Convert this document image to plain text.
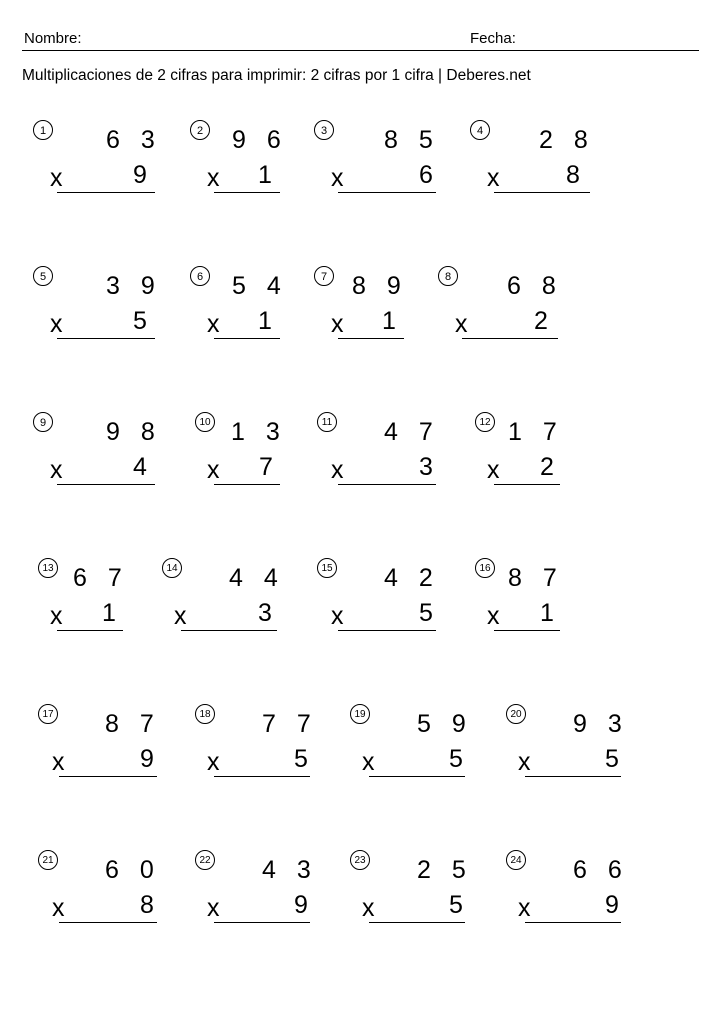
Nombre:	Fecha:
Multiplicaciones de 2 cifras para imprimir: 2 cifras por 1 cifra | Deberes.net
1 6 3
x	9
2 9 6
x 1
3 8 5
x	6
4 2 8
x	8
5 3 9
x	5
6 5 4
x 1
7 8 9
x 1
8 6 8
x	2
9 9 8
x	4
10 1 3
x 7
11 4 7
x	3
12 1 7
x 2
13 6 7
x 1
14 4 4
x	3
15 4 2
x	5
16 8 7
x 1
17 8 7
x	9
18 7 7
x	5
19 5 9
x	5
20 9 3
x	5
21 6 0
x	8
22 4 3
x	9
23 2 5
x	5
24 6 6
x	9
